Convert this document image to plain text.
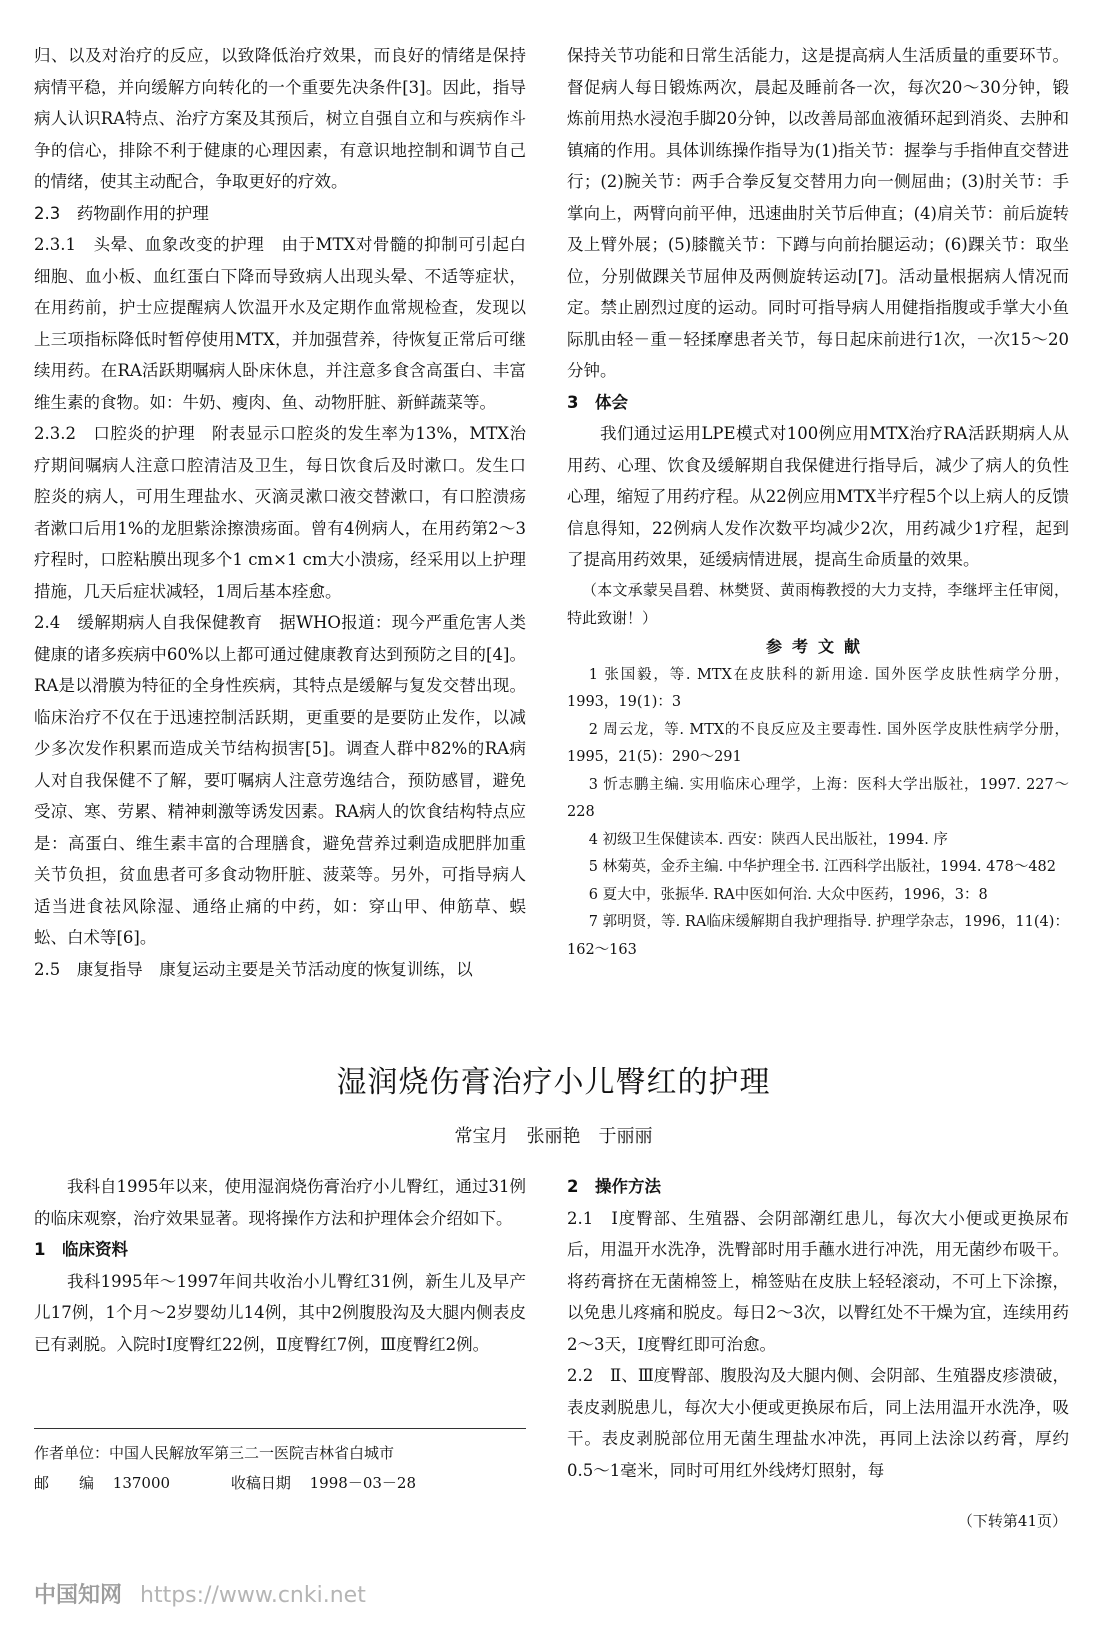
归、以及对治疗的反应，以致降低治疗效果，而良好的情绪是保持病情平稳，并向缓解方向转化的一个重要先决条件[3]。因此，指导病人认识RA特点、治疗方案及其预后，树立自强自立和与疾病作斗争的信心，排除不利于健康的心理因素，有意识地控制和调节自己的情绪，使其主动配合，争取更好的疗效。

2.3　药物副作用的护理

2.3.1　头晕、血象改变的护理　由于MTX对骨髓的抑制可引起白细胞、血小板、血红蛋白下降而导致病人出现头晕、不适等症状，在用药前，护士应提醒病人饮温开水及定期作血常规检查，发现以上三项指标降低时暂停使用MTX，并加强营养，待恢复正常后可继续用药。在RA活跃期嘱病人卧床休息，并注意多食含高蛋白、丰富维生素的食物。如：牛奶、瘦肉、鱼、动物肝脏、新鲜蔬菜等。

2.3.2　口腔炎的护理　附表显示口腔炎的发生率为13%，MTX治疗期间嘱病人注意口腔清洁及卫生，每日饮食后及时漱口。发生口腔炎的病人，可用生理盐水、灭滴灵漱口液交替漱口，有口腔溃疡者漱口后用1%的龙胆紫涂擦溃疡面。曾有4例病人，在用药第2～3疗程时，口腔粘膜出现多个1 cm×1 cm大小溃疡，经采用以上护理措施，几天后症状减轻，1周后基本痊愈。

2.4　缓解期病人自我保健教育　据WHO报道：现今严重危害人类健康的诸多疾病中60%以上都可通过健康教育达到预防之目的[4]。RA是以滑膜为特征的全身性疾病，其特点是缓解与复发交替出现。临床治疗不仅在于迅速控制活跃期，更重要的是要防止发作，以减少多次发作积累而造成关节结构损害[5]。调查人群中82%的RA病人对自我保健不了解，要叮嘱病人注意劳逸结合，预防感冒，避免受凉、寒、劳累、精神刺激等诱发因素。RA病人的饮食结构特点应是：高蛋白、维生素丰富的合理膳食，避免营养过剩造成肥胖加重关节负担，贫血患者可多食动物肝脏、菠菜等。另外，可指导病人适当进食祛风除湿、通络止痛的中药，如：穿山甲、伸筋草、蜈蚣、白术等[6]。

2.5　康复指导　康复运动主要是关节活动度的恢复训练，以

保持关节功能和日常生活能力，这是提高病人生活质量的重要环节。督促病人每日锻炼两次，晨起及睡前各一次，每次20～30分钟，锻炼前用热水浸泡手脚20分钟，以改善局部血液循环起到消炎、去肿和镇痛的作用。具体训练操作指导为(1)指关节：握拳与手指伸直交替进行；(2)腕关节：两手合拳反复交替用力向一侧屈曲；(3)肘关节：手掌向上，两臂向前平伸，迅速曲肘关节后伸直；(4)肩关节：前后旋转及上臂外展；(5)膝髋关节：下蹲与向前抬腿运动；(6)踝关节：取坐位，分别做踝关节屈伸及两侧旋转运动[7]。活动量根据病人情况而定。禁止剧烈过度的运动。同时可指导病人用健指指腹或手掌大小鱼际肌由轻－重－轻揉摩患者关节，每日起床前进行1次，一次15～20分钟。

3　体会

我们通过运用LPE模式对100例应用MTX治疗RA活跃期病人从用药、心理、饮食及缓解期自我保健进行指导后，减少了病人的负性心理，缩短了用药疗程。从22例应用MTX半疗程5个以上病人的反馈信息得知，22例病人发作次数平均减少2次，用药减少1疗程，起到了提高用药效果，延缓病情进展，提高生命质量的效果。

（本文承蒙吴昌碧、林樊贤、黄雨梅教授的大力支持，李继坪主任审阅，特此致谢！）

参考文献
1 张国毅，等. MTX在皮肤科的新用途. 国外医学皮肤性病学分册，1993，19(1)：3
2 周云龙，等. MTX的不良反应及主要毒性. 国外医学皮肤性病学分册，1995，21(5)：290～291
3 忻志鹏主编. 实用临床心理学，上海：医科大学出版社，1997. 227～228
4 初级卫生保健读本. 西安：陕西人民出版社，1994. 序
5 林菊英，金乔主编. 中华护理全书. 江西科学出版社，1994. 478～482
6 夏大中，张振华. RA中医如何治. 大众中医药，1996，3：8
7 郭明贤，等. RA临床缓解期自我护理指导. 护理学杂志，1996，11(4)：162～163
湿润烧伤膏治疗小儿臀红的护理
常宝月　张丽艳　于丽丽

我科自1995年以来，使用湿润烧伤膏治疗小儿臀红，通过31例的临床观察，治疗效果显著。现将操作方法和护理体会介绍如下。

1　临床资料

我科1995年～1997年间共收治小儿臀红31例，新生儿及早产儿17例，1个月～2岁婴幼儿14例，其中2例腹股沟及大腿内侧表皮已有剥脱。入院时Ⅰ度臀红22例，Ⅱ度臀红7例，Ⅲ度臀红2例。

2　操作方法

2.1　Ⅰ度臀部、生殖器、会阴部潮红患儿，每次大小便或更换尿布后，用温开水洗净，洗臀部时用手蘸水进行冲洗，用无菌纱布吸干。将药膏挤在无菌棉签上，棉签贴在皮肤上轻轻滚动，不可上下涂擦，以免患儿疼痛和脱皮。每日2～3次，以臀红处不干燥为宜，连续用药2～3天，Ⅰ度臀红即可治愈。

2.2　Ⅱ、Ⅲ度臀部、腹股沟及大腿内侧、会阴部、生殖器皮疹溃破，表皮剥脱患儿，每次大小便或更换尿布后，同上法用温开水洗净，吸干。表皮剥脱部位用无菌生理盐水冲洗，再同上法涂以药膏，厚约0.5～1毫米，同时可用红外线烤灯照射，每

作者单位：中国人民解放军第三二一医院吉林省白城市
邮　　编 137000	收稿日期 1998－03－28
（下转第41页）
中国知网 https://www.cnki.net
